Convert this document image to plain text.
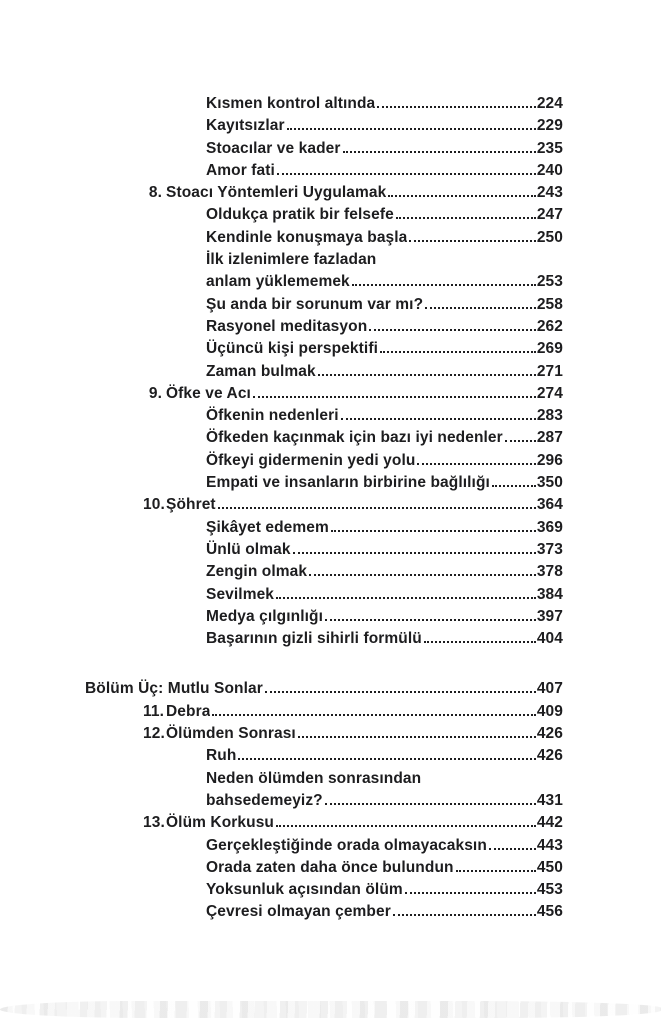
Kısmen kontrol altında	224
Kayıtsızlar	229
Stoacılar ve kader	235
Amor fati	240
8. Stoacı Yöntemleri Uygulamak	243
Oldukça pratik bir felsefe	247
Kendinle konuşmaya başla	250
İlk izlenimlere fazladan
anlam yüklememek	253
Şu anda bir sorunum var mı?	258
Rasyonel meditasyon	262
Üçüncü kişi perspektifi	269
Zaman bulmak	271
9. Öfke ve Acı	274
Öfkenin nedenleri	283
Öfkeden kaçınmak için bazı iyi nedenler 287
Öfkeyi gidermenin yedi yolu	296
Empati ve insanların birbirine bağlılığı	350
10. Şöhret	364
Şikâyet edemem	369
Ünlü olmak	373
Zengin olmak	378
Sevilmek	384
Medya çılgınlığı	397
Başarının gizli sihirli formülü	404
Bölüm Üç: Mutlu Sonlar	407
11. Debra	409
12. Ölümden Sonrası	426
Ruh	426
Neden ölümden sonrasından
bahsedemeyiz?	431
13. Ölüm Korkusu	442
Gerçekleştiğinde orada olmayacaksın	443
Orada zaten daha önce bulundun	450
Yoksunluk açısından ölüm	453
Çevresi olmayan çember	456
